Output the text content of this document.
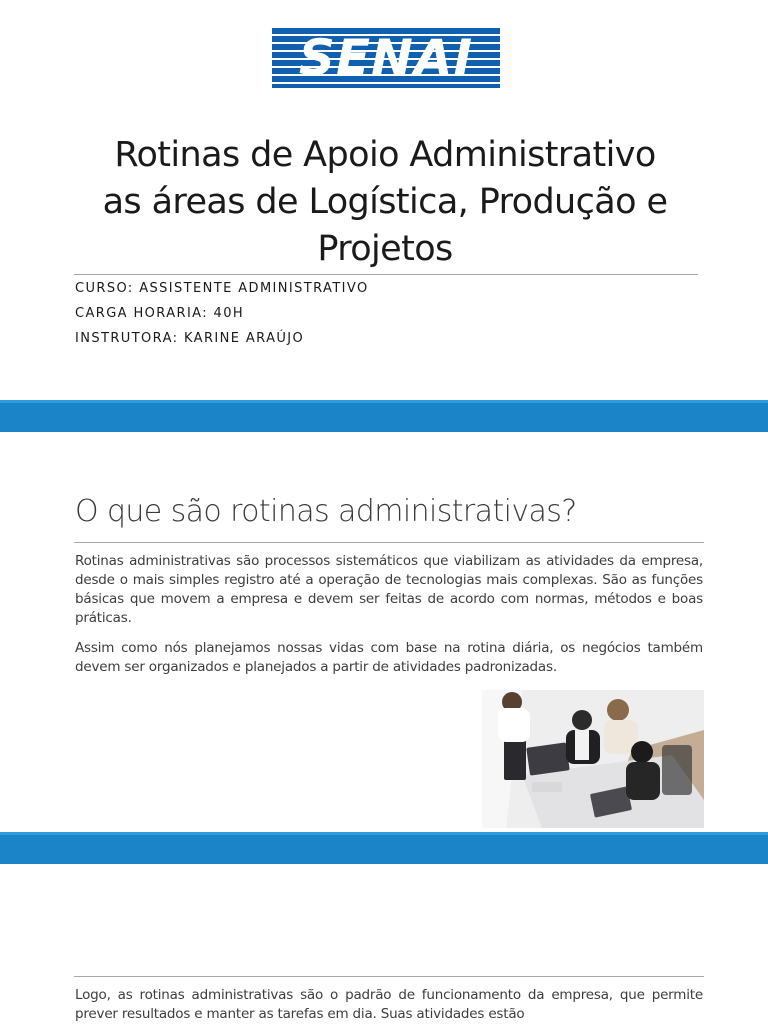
SENAI
Rotinas de Apoio Administrativo
as áreas de Logística, Produção e
Projetos
CURSO: ASSISTENTE ADMINISTRATIVO
CARGA HORARIA: 40H
INSTRUTORA: KARINE ARAÚJO
O que são rotinas administrativas?

Rotinas administrativas são processos sistemáticos que viabilizam as atividades da empresa, desde o mais simples registro até a operação de tecnologias mais complexas. São as funções básicas que movem a empresa e devem ser feitas de acordo com normas, métodos e boas práticas.

Assim como nós planejamos nossas vidas com base na rotina diária, os negócios também devem ser organizados e planejados a partir de atividades padronizadas.

Logo, as rotinas administrativas são o padrão de funcionamento da empresa, que permite prever resultados e manter as tarefas em dia. Suas atividades estão
